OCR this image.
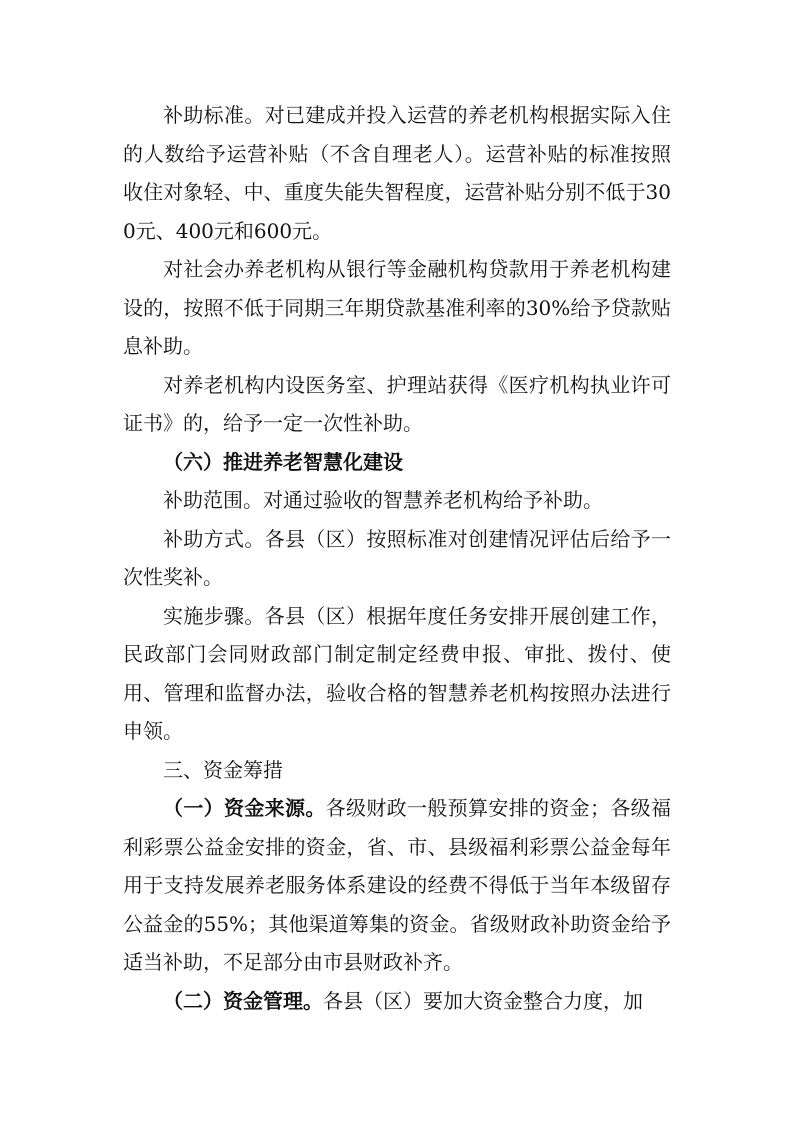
补助标准。对已建成并投入运营的养老机构根据实际入住的人数给予运营补贴（不含自理老人）。运营补贴的标准按照收住对象轻、中、重度失能失智程度，运营补贴分别不低于300元、400元和600元。

对社会办养老机构从银行等金融机构贷款用于养老机构建设的，按照不低于同期三年期贷款基准利率的30%给予贷款贴息补助。

对养老机构内设医务室、护理站获得《医疗机构执业许可证书》的，给予一定一次性补助。

（六）推进养老智慧化建设

补助范围。对通过验收的智慧养老机构给予补助。

补助方式。各县（区）按照标准对创建情况评估后给予一次性奖补。

实施步骤。各县（区）根据年度任务安排开展创建工作，民政部门会同财政部门制定制定经费申报、审批、拨付、使用、管理和监督办法，验收合格的智慧养老机构按照办法进行申领。

三、资金筹措

（一）资金来源。各级财政一般预算安排的资金；各级福利彩票公益金安排的资金，省、市、县级福利彩票公益金每年用于支持发展养老服务体系建设的经费不得低于当年本级留存公益金的55%；其他渠道筹集的资金。省级财政补助资金给予适当补助，不足部分由市县财政补齐。

（二）资金管理。各县（区）要加大资金整合力度，加
